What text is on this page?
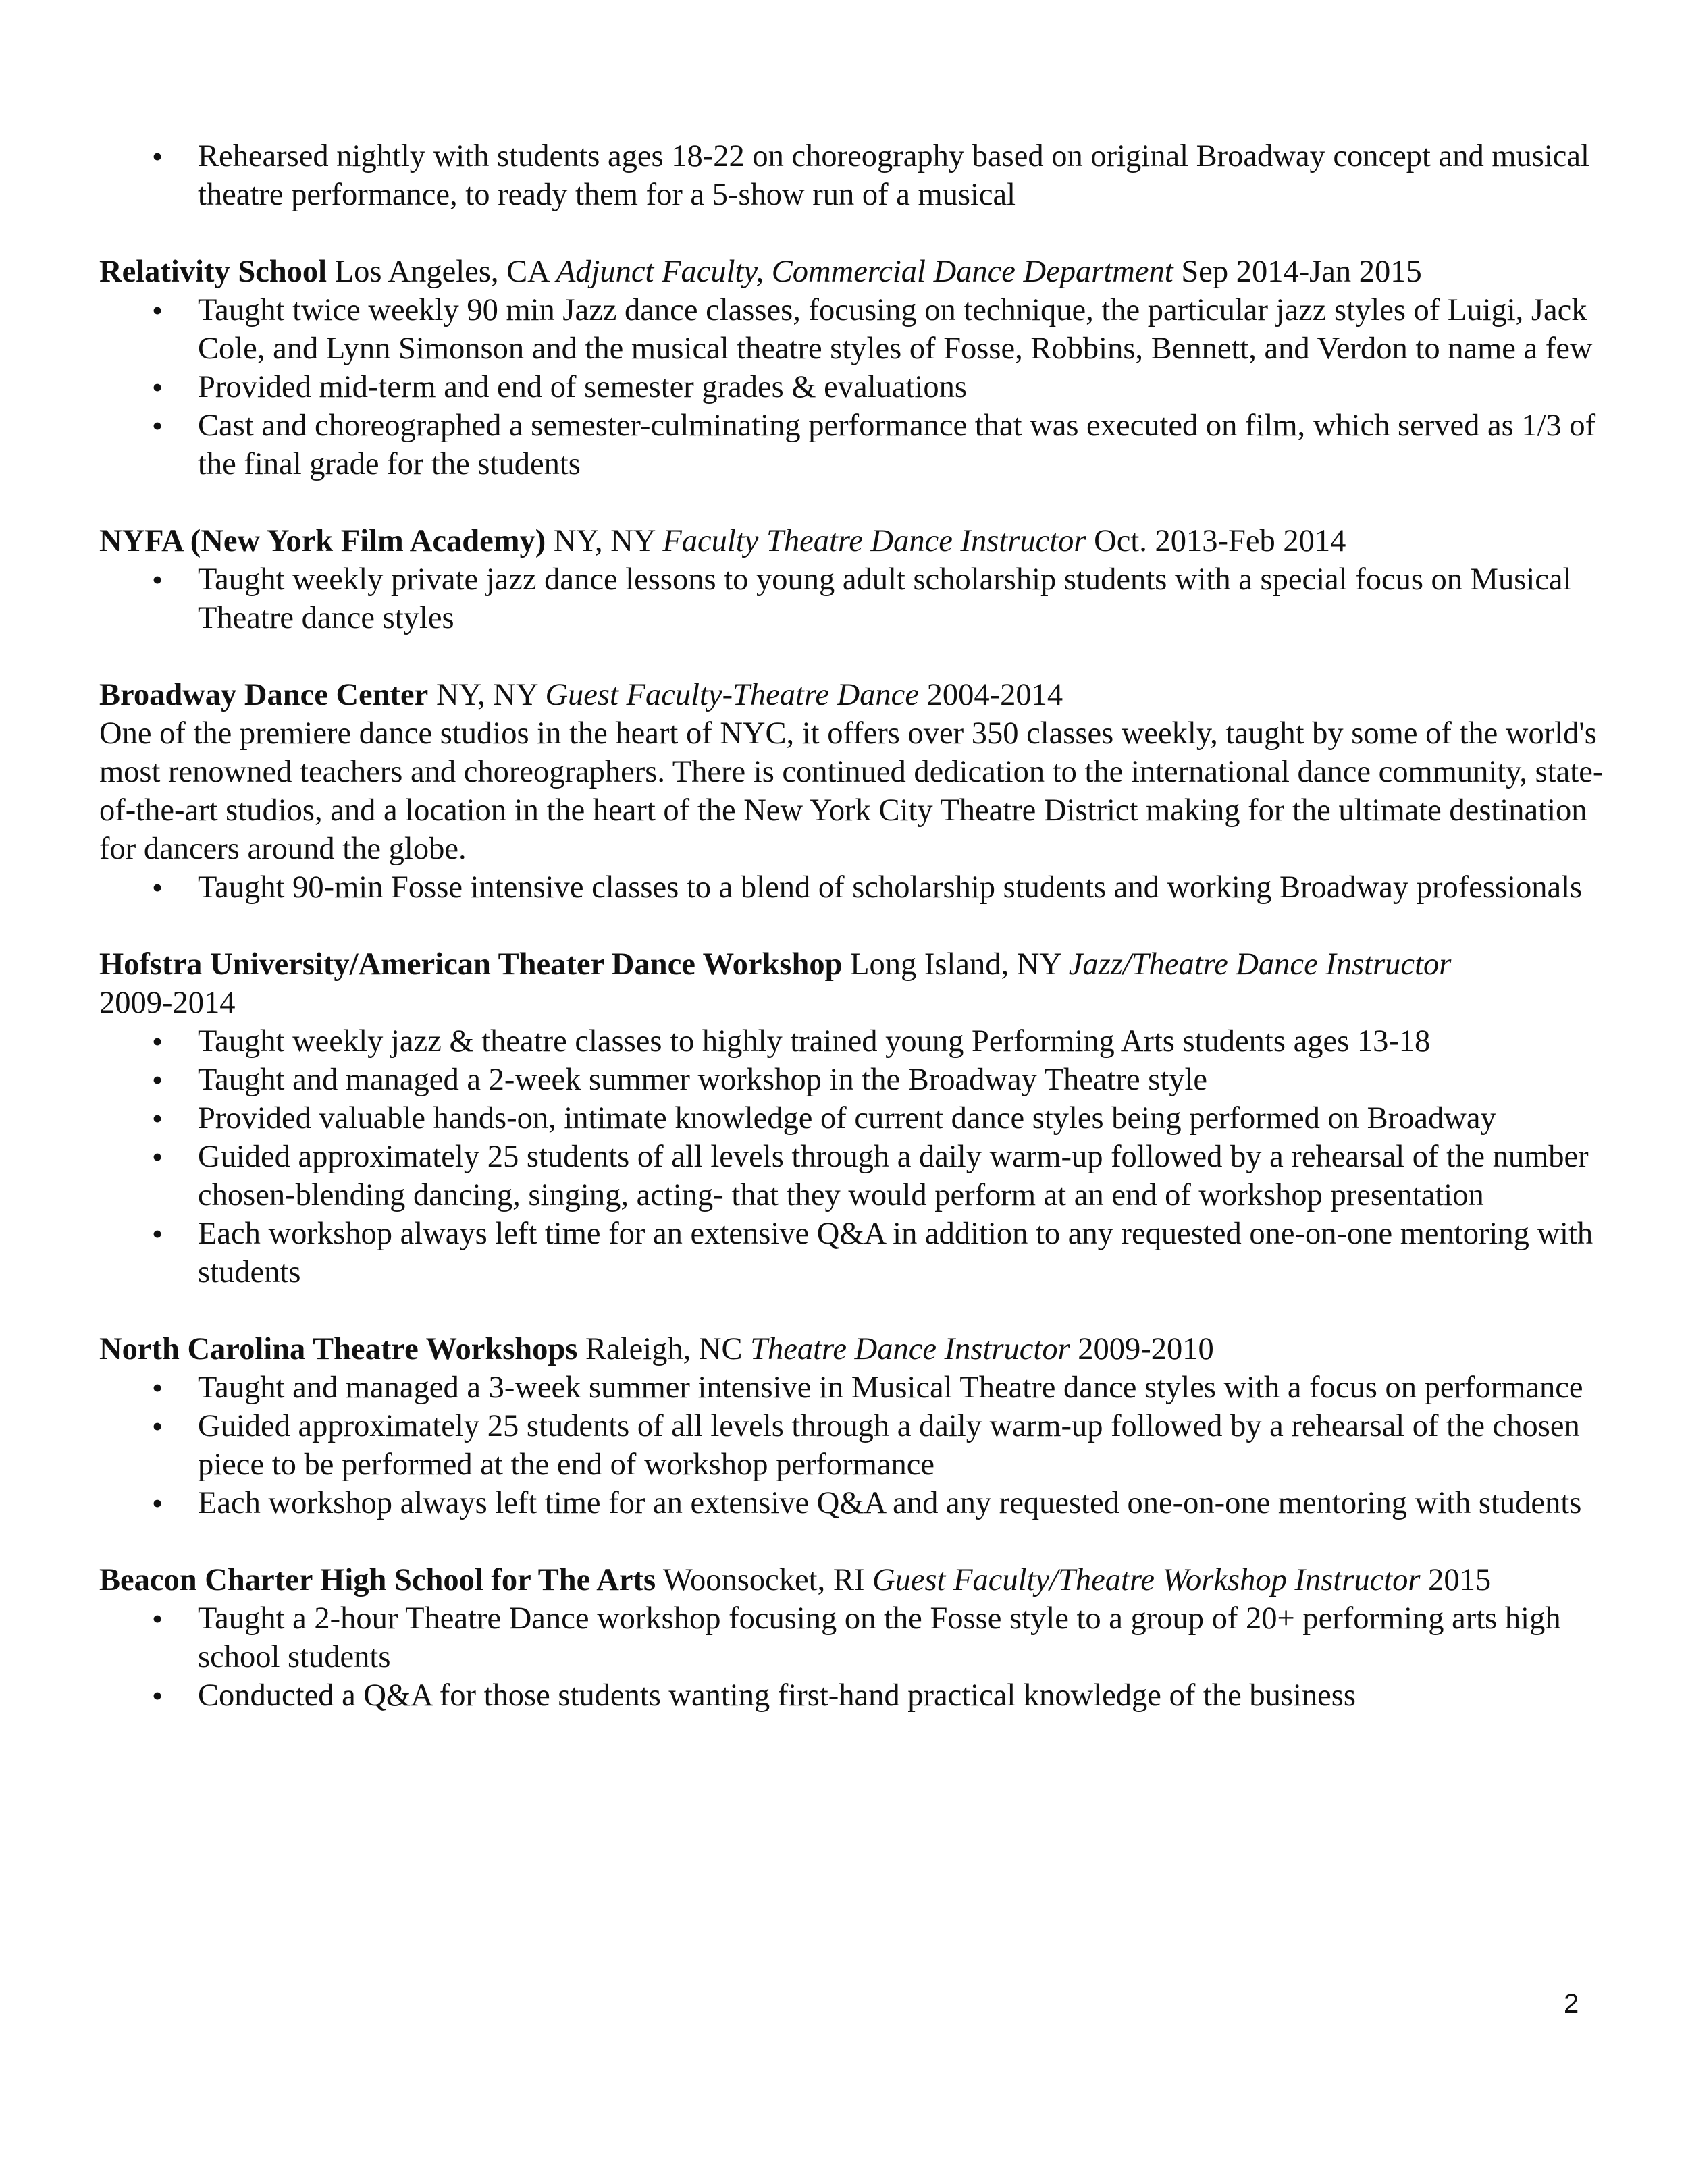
• Rehearsed nightly with students ages 18-22 on choreography based on original Broadway concept and musical theatre performance, to ready them for a 5-show run of a musical

Relativity School Los Angeles, CA Adjunct Faculty, Commercial Dance Department Sep 2014-Jan 2015

• Taught twice weekly 90 min Jazz dance classes, focusing on technique, the particular jazz styles of Luigi, Jack Cole, and Lynn Simonson and the musical theatre styles of Fosse, Robbins, Bennett, and Verdon to name a few
• Provided mid-term and end of semester grades & evaluations
• Cast and choreographed a semester-culminating performance that was executed on film, which served as 1/3 of the final grade for the students

NYFA (New York Film Academy) NY, NY Faculty Theatre Dance Instructor Oct. 2013-Feb 2014

• Taught weekly private jazz dance lessons to young adult scholarship students with a special focus on Musical Theatre dance styles

Broadway Dance Center NY, NY Guest Faculty-Theatre Dance 2004-2014

One of the premiere dance studios in the heart of NYC, it offers over 350 classes weekly, taught by some of the world's most renowned teachers and choreographers. There is continued dedication to the international dance community, state-of-the-art studios, and a location in the heart of the New York City Theatre District making for the ultimate destination for dancers around the globe.

• Taught 90-min Fosse intensive classes to a blend of scholarship students and working Broadway professionals

Hofstra University/American Theater Dance Workshop Long Island, NY Jazz/Theatre Dance Instructor
2009-2014

• Taught weekly jazz & theatre classes to highly trained young Performing Arts students ages 13-18
• Taught and managed a 2-week summer workshop in the Broadway Theatre style
• Provided valuable hands-on, intimate knowledge of current dance styles being performed on Broadway
• Guided approximately 25 students of all levels through a daily warm-up followed by a rehearsal of the number chosen-blending dancing, singing, acting- that they would perform at an end of workshop presentation
• Each workshop always left time for an extensive Q&A in addition to any requested one-on-one mentoring with students

North Carolina Theatre Workshops Raleigh, NC Theatre Dance Instructor 2009-2010

• Taught and managed a 3-week summer intensive in Musical Theatre dance styles with a focus on performance
• Guided approximately 25 students of all levels through a daily warm-up followed by a rehearsal of the chosen piece to be performed at the end of workshop performance
• Each workshop always left time for an extensive Q&A and any requested one-on-one mentoring with students

Beacon Charter High School for The Arts Woonsocket, RI Guest Faculty/Theatre Workshop Instructor 2015

• Taught a 2-hour Theatre Dance workshop focusing on the Fosse style to a group of 20+ performing arts high school students
• Conducted a Q&A for those students wanting first-hand practical knowledge of the business
2
